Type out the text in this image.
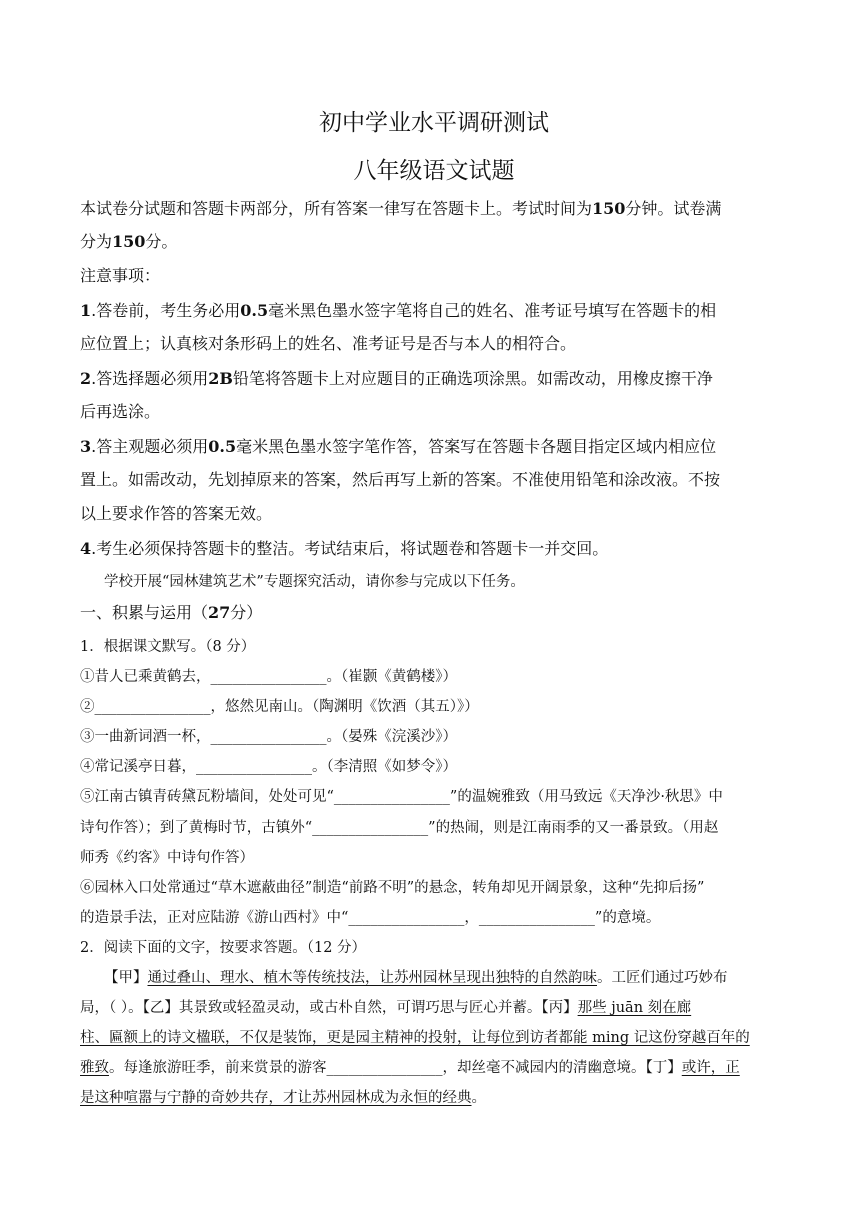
初中学业水平调研测试
八年级语文试题
本试卷分试题和答题卡两部分，所有答案一律写在答题卡上。考试时间为150分钟。试卷满
分为150分。
注意事项：
1.答卷前，考生务必用0.5毫米黑色墨水签字笔将自己的姓名、准考证号填写在答题卡的相
应位置上；认真核对条形码上的姓名、准考证号是否与本人的相符合。
2.答选择题必须用2B铅笔将答题卡上对应题目的正确选项涂黑。如需改动，用橡皮擦干净
后再选涂。
3.答主观题必须用0.5毫米黑色墨水签字笔作答，答案写在答题卡各题目指定区域内相应位
置上。如需改动，先划掉原来的答案，然后再写上新的答案。不准使用铅笔和涂改液。不按
以上要求作答的答案无效。
4.考生必须保持答题卡的整洁。考试结束后，将试题卷和答题卡一并交回。
学校开展“园林建筑艺术”专题探究活动，请你参与完成以下任务。
一、积累与运用（27分）
1．根据课文默写。（8 分）
①昔人已乘黄鹤去，________________。（崔颢《黄鹤楼》）
②________________，悠然见南山。（陶渊明《饮酒（其五）》）
③一曲新词酒一杯，________________。（晏殊《浣溪沙》）
④常记溪亭日暮，________________。（李清照《如梦令》）
⑤江南古镇青砖黛瓦粉墙间，处处可见“________________”的温婉雅致（用马致远《天净沙·秋思》中
诗句作答）；到了黄梅时节，古镇外“________________”的热闹，则是江南雨季的又一番景致。（用赵
师秀《约客》中诗句作答）
⑥园林入口处常通过“草木遮蔽曲径”制造“前路不明”的悬念，转角却见开阔景象，这种“先抑后扬”
的造景手法，正对应陆游《游山西村》中“________________，________________”的意境。
2．阅读下面的文字，按要求答题。（12 分）
【甲】通过叠山、理水、植木等传统技法，让苏州园林呈现出独特的自然韵味。工匠们通过巧妙布
局，（ ）。【乙】其景致或轻盈灵动，或古朴自然，可谓巧思与匠心并蓄。【丙】那些 juān 刻在廊
柱、匾额上的诗文楹联，不仅是装饰，更是园主精神的投射，让每位到访者都能 ming 记这份穿越百年的
雅致。每逢旅游旺季，前来赏景的游客________________，却丝毫不减园内的清幽意境。【丁】或许，正
是这种喧嚣与宁静的奇妙共存，才让苏州园林成为永恒的经典。
